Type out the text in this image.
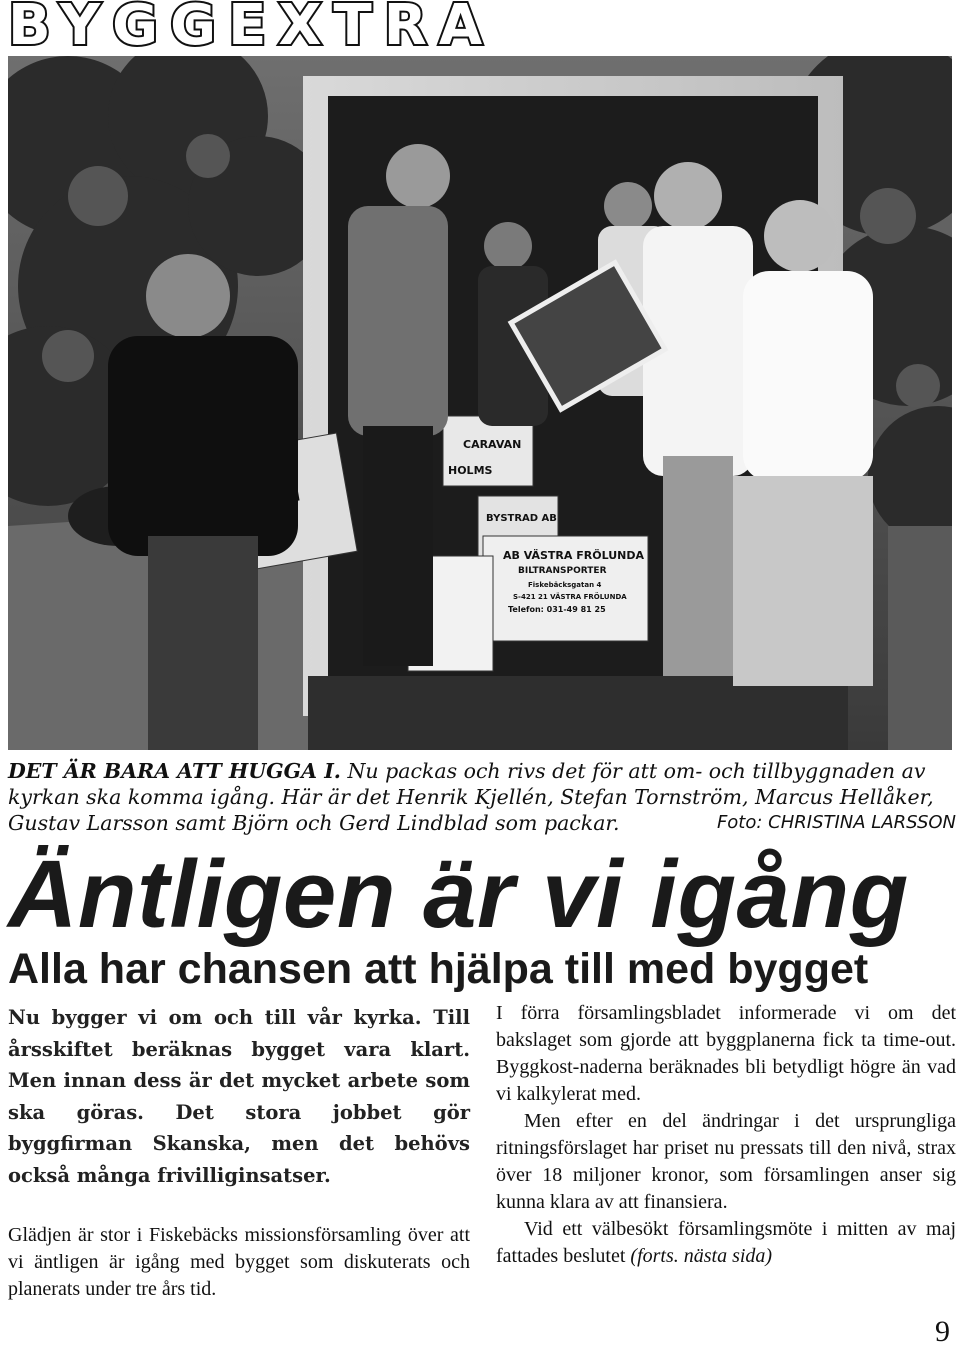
BYGGEXTRA
CARAVAN
HOLMS
BYSTRAD AB
AB VÄSTRA FRÖLUNDA
BILTRANSPORTER
Fiskebäcksgatan 4
S-421 21 VÄSTRA FRÖLUNDA
Telefon: 031-49 81 25
DET ÄR BARA ATT HUGGA I. Nu packas och rivs det för att om- och tillbyggnaden av kyrkan ska komma igång. Här är det Henrik Kjellén, Stefan Tornström, Marcus Hellåker, Gustav Larsson samt Björn och Gerd Lindblad som packar.	Foto: CHRISTINA LARSSON
Äntligen är vi igång
Alla har chansen att hjälpa till med bygget

Nu bygger vi om och till vår kyrka. Till årsskiftet beräknas bygget vara klart. Men innan dess är det mycket arbete som ska göras. Det stora jobbet gör byggfirman Skanska, men det behövs också många frivilliginsatser.

Glädjen är stor i Fiskebäcks missionsförsamling över att vi äntligen är igång med bygget som diskuterats och planerats under tre års tid.

I förra församlingsbladet informerade vi om det bakslaget som gjorde att byggplanerna fick ta time-out. Byggkost-naderna beräknades bli betydligt högre än vad vi kalkylerat med.

Men efter en del ändringar i det ursprungliga ritningsförslaget har priset nu pressats till den nivå, strax över 18 miljoner kronor, som församlingen anser sig kunna klara av att finansiera.

Vid ett välbesökt församlingsmöte i mitten av maj fattades beslutet (forts. nästa sida)

9
